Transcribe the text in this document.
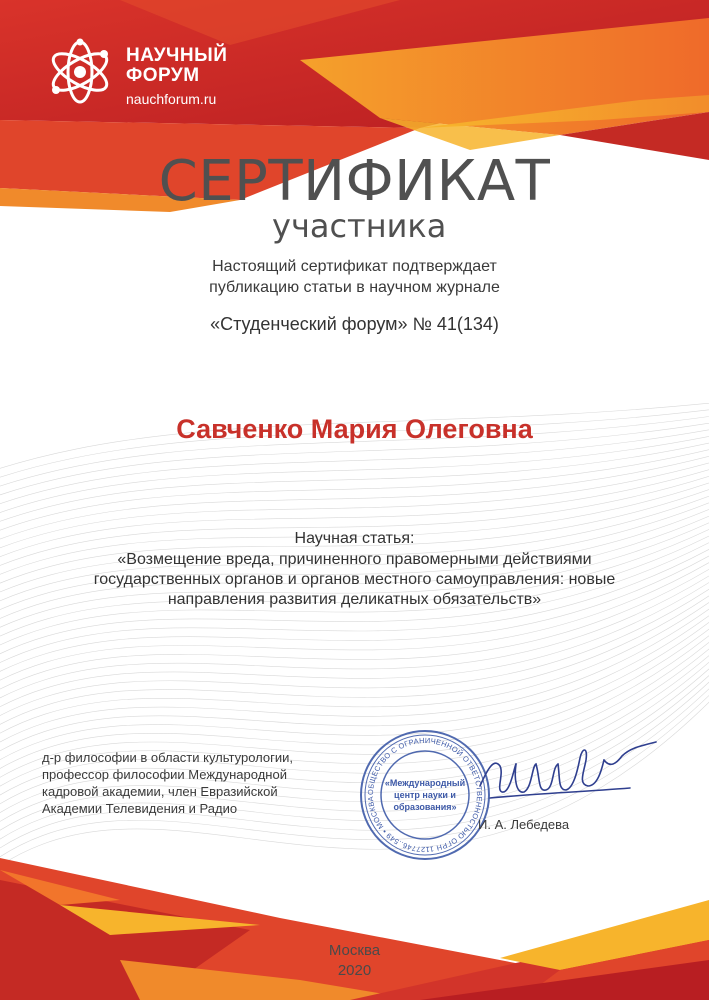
НАУЧНЫЙ
ФОРУМ
nauchforum.ru
СЕРТИФИКАТ
участника
Настоящий сертификат подтверждает
публикацию статьи в научном журнале
«Студенческий форум» № 41(134)
Савченко Мария Олеговна
Научная статья:
«Возмещение вреда, причиненного правомерными действиями государственных органов и органов местного самоуправления: новые направления развития деликатных обязательств»
д-р философии в области культурологии,
профессор философии Международной
кадровой академии, член Евразийской
Академии Телевидения и Радио
ОБЩЕСТВО С ОГРАНИЧЕННОЙ ОТВЕТСТВЕННОСТЬЮ ОГРН 1127746..549 • МОСКВА
«Международный
центр науки и
образования»
И. А. Лебедева
Москва
2020
